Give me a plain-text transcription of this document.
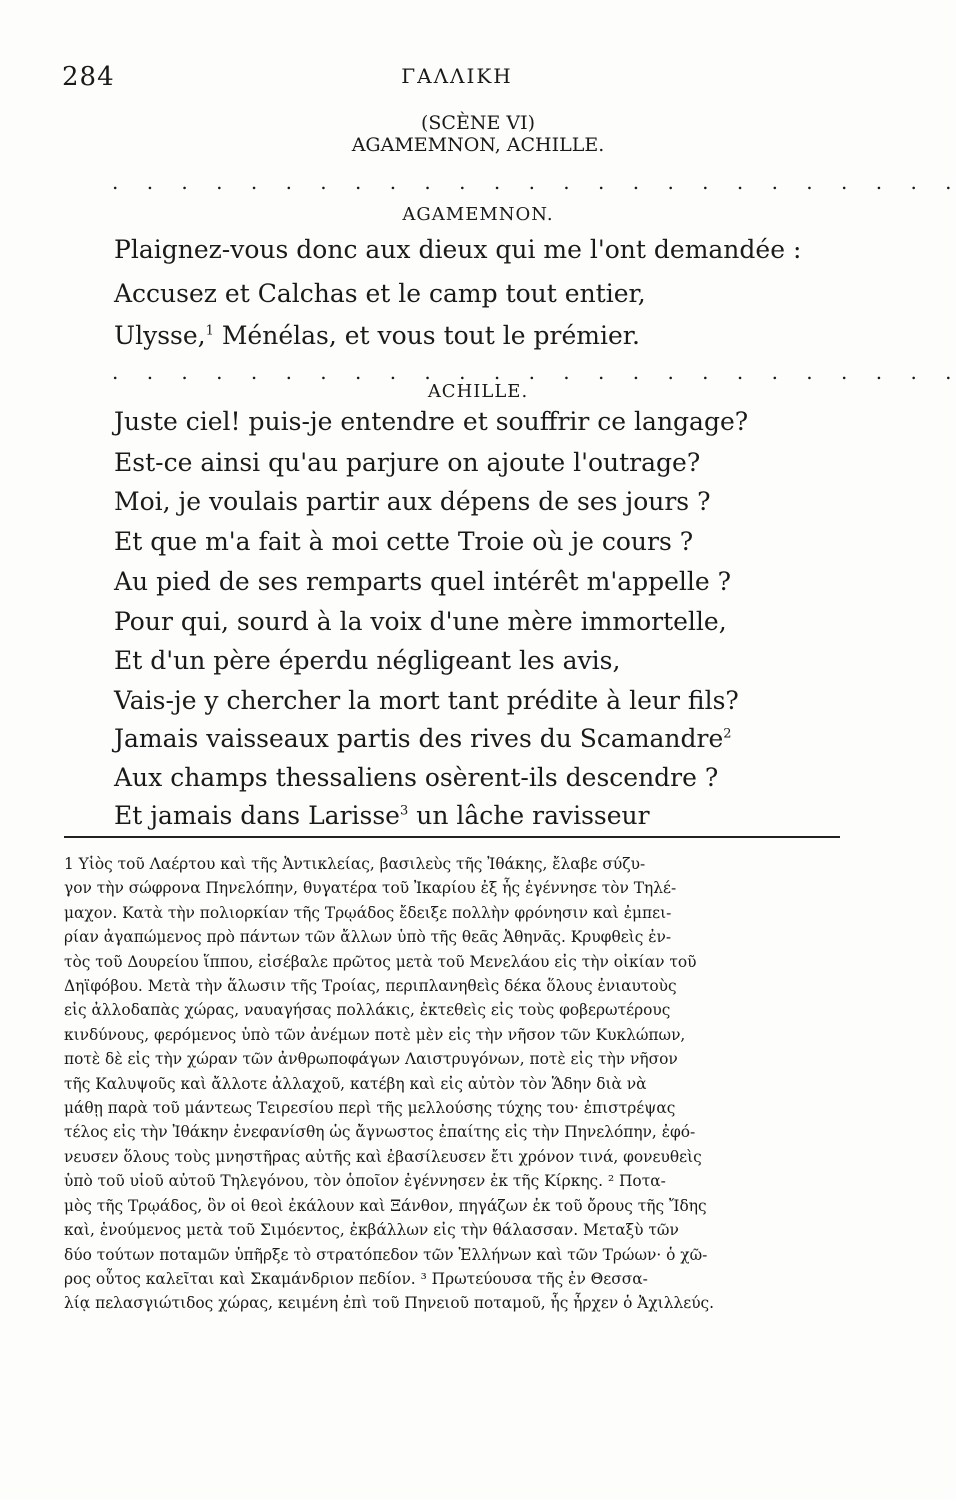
284	ΓΑΛΛΙΚΗ
(SCÈNE VI)
AGAMEMNON, ACHILLE.
. . . . . . . . . . . . . . . . . . . . . . . . .
AGAMEMNON.
Plaignez-vous donc aux dieux qui me l'ont demandée :
Accusez et Calchas et le camp tout entier,
Ulysse,$^1$ Ménélas, et vous tout le prémier.
. . . . . . . . . . . . . . . . . . . . . . . . .
ACHILLE.
Juste ciel! puis-je entendre et souffrir ce langage?
Est-ce ainsi qu'au parjure on ajoute l'outrage?
Moi, je voulais partir aux dépens de ses jours ?
Et que m'a fait à moi cette Troie où je cours ?
Au pied de ses remparts quel intérêt m'appelle ?
Pour qui, sourd à la voix d'une mère immortelle,
Et d'un père éperdu négligeant les avis,
Vais-je y chercher la mort tant prédite à leur fils?
Jamais vaisseaux partis des rives du Scamandre$^2$
Aux champs thessaliens osèrent-ils descendre ?
Et jamais dans Larisse$^3$ un lâche ravisseur
1 Υἱὸς τοῦ Λαέρτου καὶ τῆς Ἀντικλείας, βασιλεὺς τῆς Ἰθάκης, ἔλαβε σύζυ-
γον τὴν σώφρονα Πηνελόπην, θυγατέρα τοῦ Ἰκαρίου ἐξ ἧς ἐγέννησε τὸν Τηλέ-
μαχον. Κατὰ τὴν πολιορκίαν τῆς Τρῳάδος ἔδειξε πολλὴν φρόνησιν καὶ ἐμπει-
ρίαν ἀγαπώμενος πρὸ πάντων τῶν ἄλλων ὑπὸ τῆς θεᾶς Ἀθηνᾶς. Κρυφθεὶς ἐν-
τὸς τοῦ Δουρείου ἵππου, εἰσέβαλε πρῶτος μετὰ τοῦ Μενελάου εἰς τὴν οἰκίαν τοῦ
Δηϊφόβου. Μετὰ τὴν ἅλωσιν τῆς Τροίας, περιπλανηθεὶς δέκα ὅλους ἐνιαυτοὺς
εἰς ἀλλοδαπὰς χώρας, ναυαγήσας πολλάκις, ἐκτεθεὶς εἰς τοὺς φοβερωτέρους
κινδύνους, φερόμενος ὑπὸ τῶν ἀνέμων ποτὲ μὲν εἰς τὴν νῆσον τῶν Κυκλώπων,
ποτὲ δὲ εἰς τὴν χώραν τῶν ἀνθρωποφάγων Λαιστρυγόνων, ποτὲ εἰς τὴν νῆσον
τῆς Καλυψοῦς καὶ ἄλλοτε ἀλλαχοῦ, κατέβη καὶ εἰς αὐτὸν τὸν Ἅδην διὰ νὰ
μάθῃ παρὰ τοῦ μάντεως Τειρεσίου περὶ τῆς μελλούσης τύχης του· ἐπιστρέψας
τέλος εἰς τὴν Ἰθάκην ἐνεφανίσθη ὡς ἄγνωστος ἐπαίτης εἰς τὴν Πηνελόπην, ἐφό-
νευσεν ὅλους τοὺς μνηστῆρας αὐτῆς καὶ ἐβασίλευσεν ἔτι χρόνον τινά, φονευθεὶς
ὑπὸ τοῦ υἱοῦ αὐτοῦ Τηλεγόνου, τὸν ὁποῖον ἐγέννησεν ἐκ τῆς Κίρκης. ² Ποτα-
μὸς τῆς Τρῳάδος, ὃν οἱ θεοὶ ἐκάλουν καὶ Ξάνθον, πηγάζων ἐκ τοῦ ὄρους τῆς Ἴδης
καὶ, ἑνούμενος μετὰ τοῦ Σιμόεντος, ἐκβάλλων εἰς τὴν θάλασσαν. Μεταξὺ τῶν
δύο τούτων ποταμῶν ὑπῆρξε τὸ στρατόπεδον τῶν Ἑλλήνων καὶ τῶν Τρώων· ὁ χῶ-
ρος οὗτος καλεῖται καὶ Σκαμάνδριον πεδίον. ³ Πρωτεύουσα τῆς ἐν Θεσσα-
λίᾳ πελασγιώτιδος χώρας, κειμένη ἐπὶ τοῦ Πηνειοῦ ποταμοῦ, ἧς ἦρχεν ὁ Ἀχιλλεύς.
